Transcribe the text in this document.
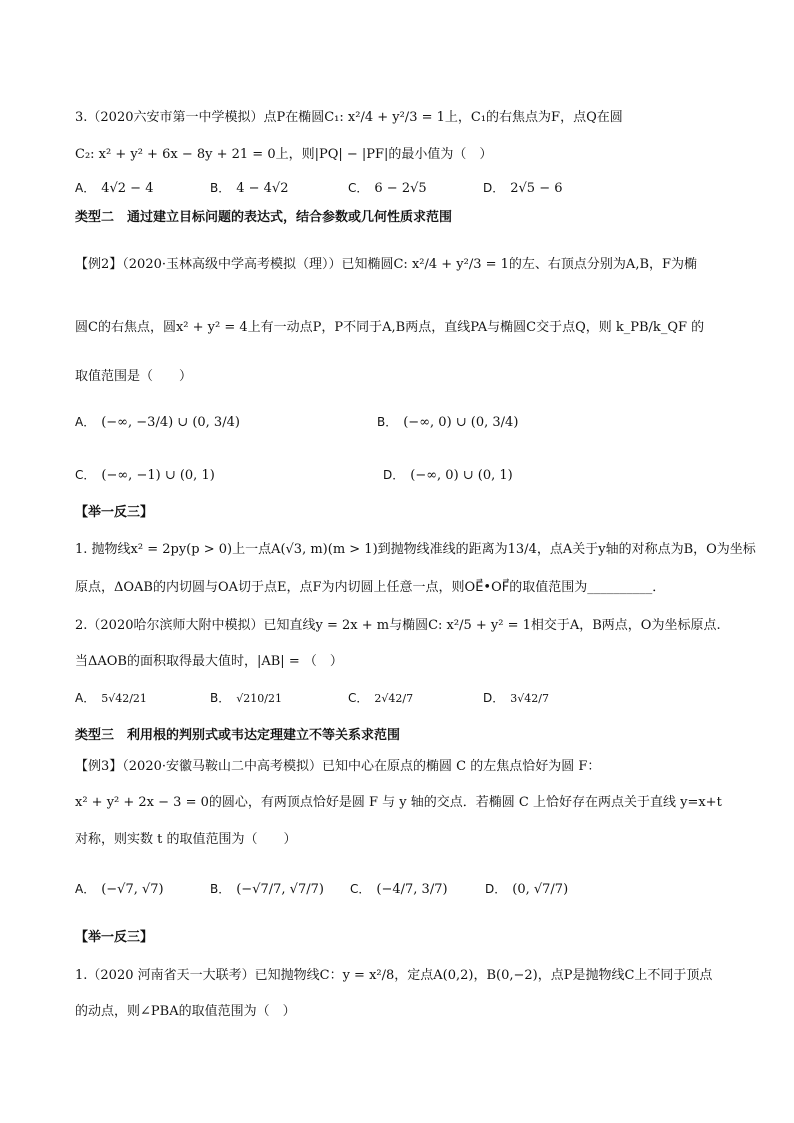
3.（2020六安市第一中学模拟）点P在椭圆C₁: x²/4 + y²/3 = 1上，C₁的右焦点为F，点Q在圆
C₂: x² + y² + 6x − 8y + 21 = 0上，则|PQ| − |PF|的最小值为（　）
A． 4√2 − 4	B． 4 − 4√2	C． 6 − 2√5	D． 2√5 − 6
类型二　通过建立目标问题的表达式，结合参数或几何性质求范围
【例2】（2020·玉林高级中学高考模拟（理））已知椭圆C: x²/4 + y²/3 = 1的左、右顶点分别为A,B，F为椭
圆C的右焦点，圆x² + y² = 4上有一动点P，P不同于A,B两点，直线PA与椭圆C交于点Q，则 k_PB/k_QF 的
取值范围是（　　）
A． (−∞, −3/4) ∪ (0, 3/4)	B． (−∞, 0) ∪ (0, 3/4)
C． (−∞, −1) ∪ (0, 1)	D． (−∞, 0) ∪ (0, 1)
【举一反三】
1. 抛物线x² = 2py(p > 0)上一点A(√3, m)(m > 1)到抛物线准线的距离为13/4，点A关于y轴的对称点为B，O为坐标
原点，ΔOAB的内切圆与OA切于点E，点F为内切圆上任意一点，则OE⃗•OF⃗的取值范围为__________．
2.（2020哈尔滨师大附中模拟）已知直线y = 2x + m与椭圆C: x²/5 + y² = 1相交于A，B两点，O为坐标原点.
当ΔAOB的面积取得最大值时，|AB| = （　）
A． 5√42/21	B． √210/21	C． 2√42/7	D． 3√42/7
类型三　利用根的判别式或韦达定理建立不等关系求范围
【例3】（2020·安徽马鞍山二中高考模拟）已知中心在原点的椭圆 C 的左焦点恰好为圆 F：
x² + y² + 2x − 3 = 0的圆心，有两顶点恰好是圆 F 与 y 轴的交点．若椭圆 C 上恰好存在两点关于直线 y=x+t
对称，则实数 t 的取值范围为（　　）
A． (−√7, √7)	B． (−√7/7, √7/7) C． (−4/7, 3/7)	D． (0, √7/7)
【举一反三】
1.（2020 河南省天一大联考）已知抛物线C：y = x²/8，定点A(0,2)，B(0,−2)，点P是抛物线C上不同于顶点
的动点，则∠PBA的取值范围为（　）
